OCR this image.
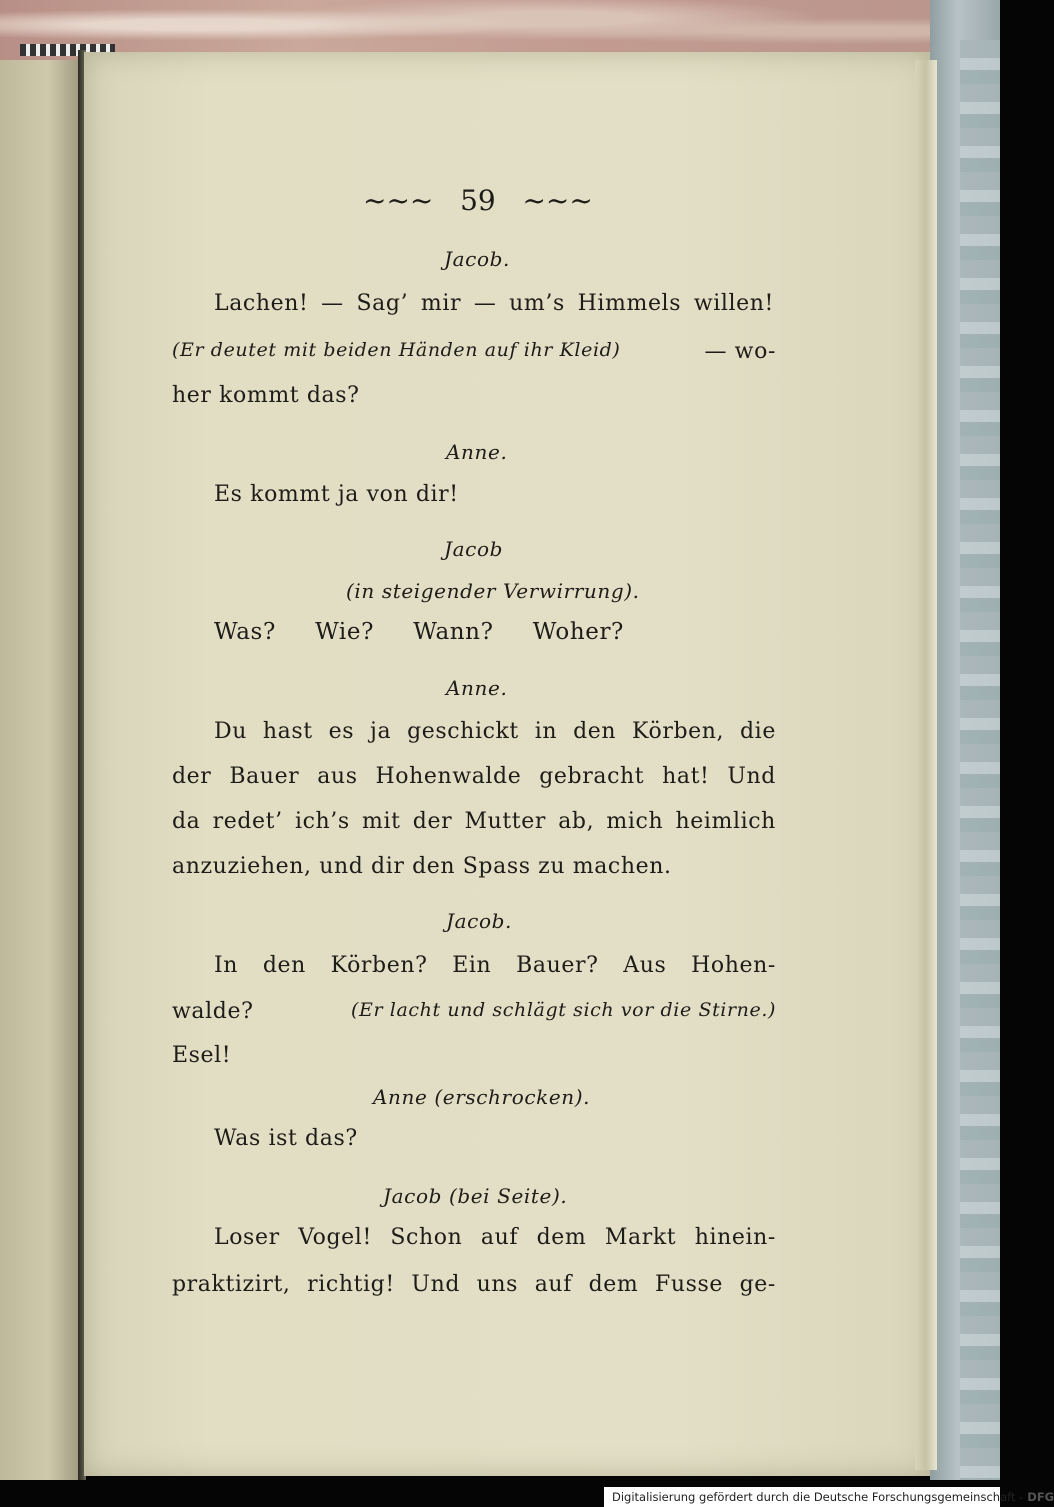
~~~ 59 ~~~
Jacob.
Lachen! — Sag’ mir — um’s Himmels willen!
(Er deutet mit beiden Händen auf ihr Kleid)	— wo-
her kommt das?
Anne.
Es kommt ja von dir!
Jacob
(in steigender Verwirrung).
Was? Wie? Wann? Woher?
Anne.
Du hast es ja geschickt in den Körben, die
der Bauer aus Hohenwalde gebracht hat! Und
da redet’ ich’s mit der Mutter ab, mich heimlich
anzuziehen, und dir den Spass zu machen.
Jacob.
In den Körben? Ein Bauer? Aus Hohen-
walde?	(Er lacht und schlägt sich vor die Stirne.)
Esel!
Anne (erschrocken).
Was ist das?
Jacob (bei Seite).
Loser Vogel! Schon auf dem Markt hinein-
praktizirt, richtig! Und uns auf dem Fusse ge-
Digitalisierung gefördert durch die Deutsche Forschungsgemeinschaft - DFG
